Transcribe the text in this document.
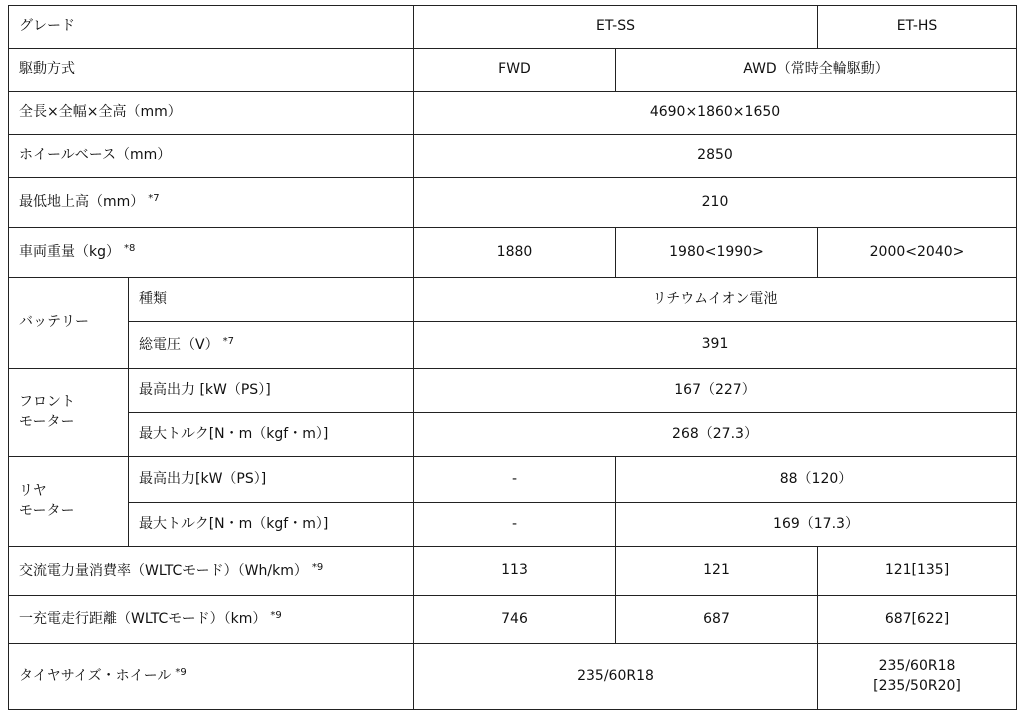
グレード		ET-SS		ET-HS
駆動方式		FWD	AWD（常時全輪駆動）	
全長×全幅×全高（mm）		4690×1860×1650		
ホイールベース（mm）		2850		
最低地上高（mm） $^{*7}$		210		
車両重量（kg） $^{*8}$		1880	1980<1990>	2000<2040>
バッテリー	種類	リチウムイオン電池		
	総電圧（V） $^{*7}$	391		

フロント
モーター	最高出力 [kW（PS）]	167（227）		
	最大トルク[N・m（kgf・m）]	268（27.3）		

リヤ
モーター	最高出力[kW（PS）]	-	88（120）	
	最大トルク[N・m（kgf・m）]	-	169（17.3）	
交流電力量消費率（WLTCモード）（Wh/km） $^{*9}$		113	121	121[135]
一充電走行距離（WLTCモード）（km） $^{*9}$		746	687	687[622]
タイヤサイズ・ホイール $^{*9}$		235/60R18		235/60R18
[235/50R20]
